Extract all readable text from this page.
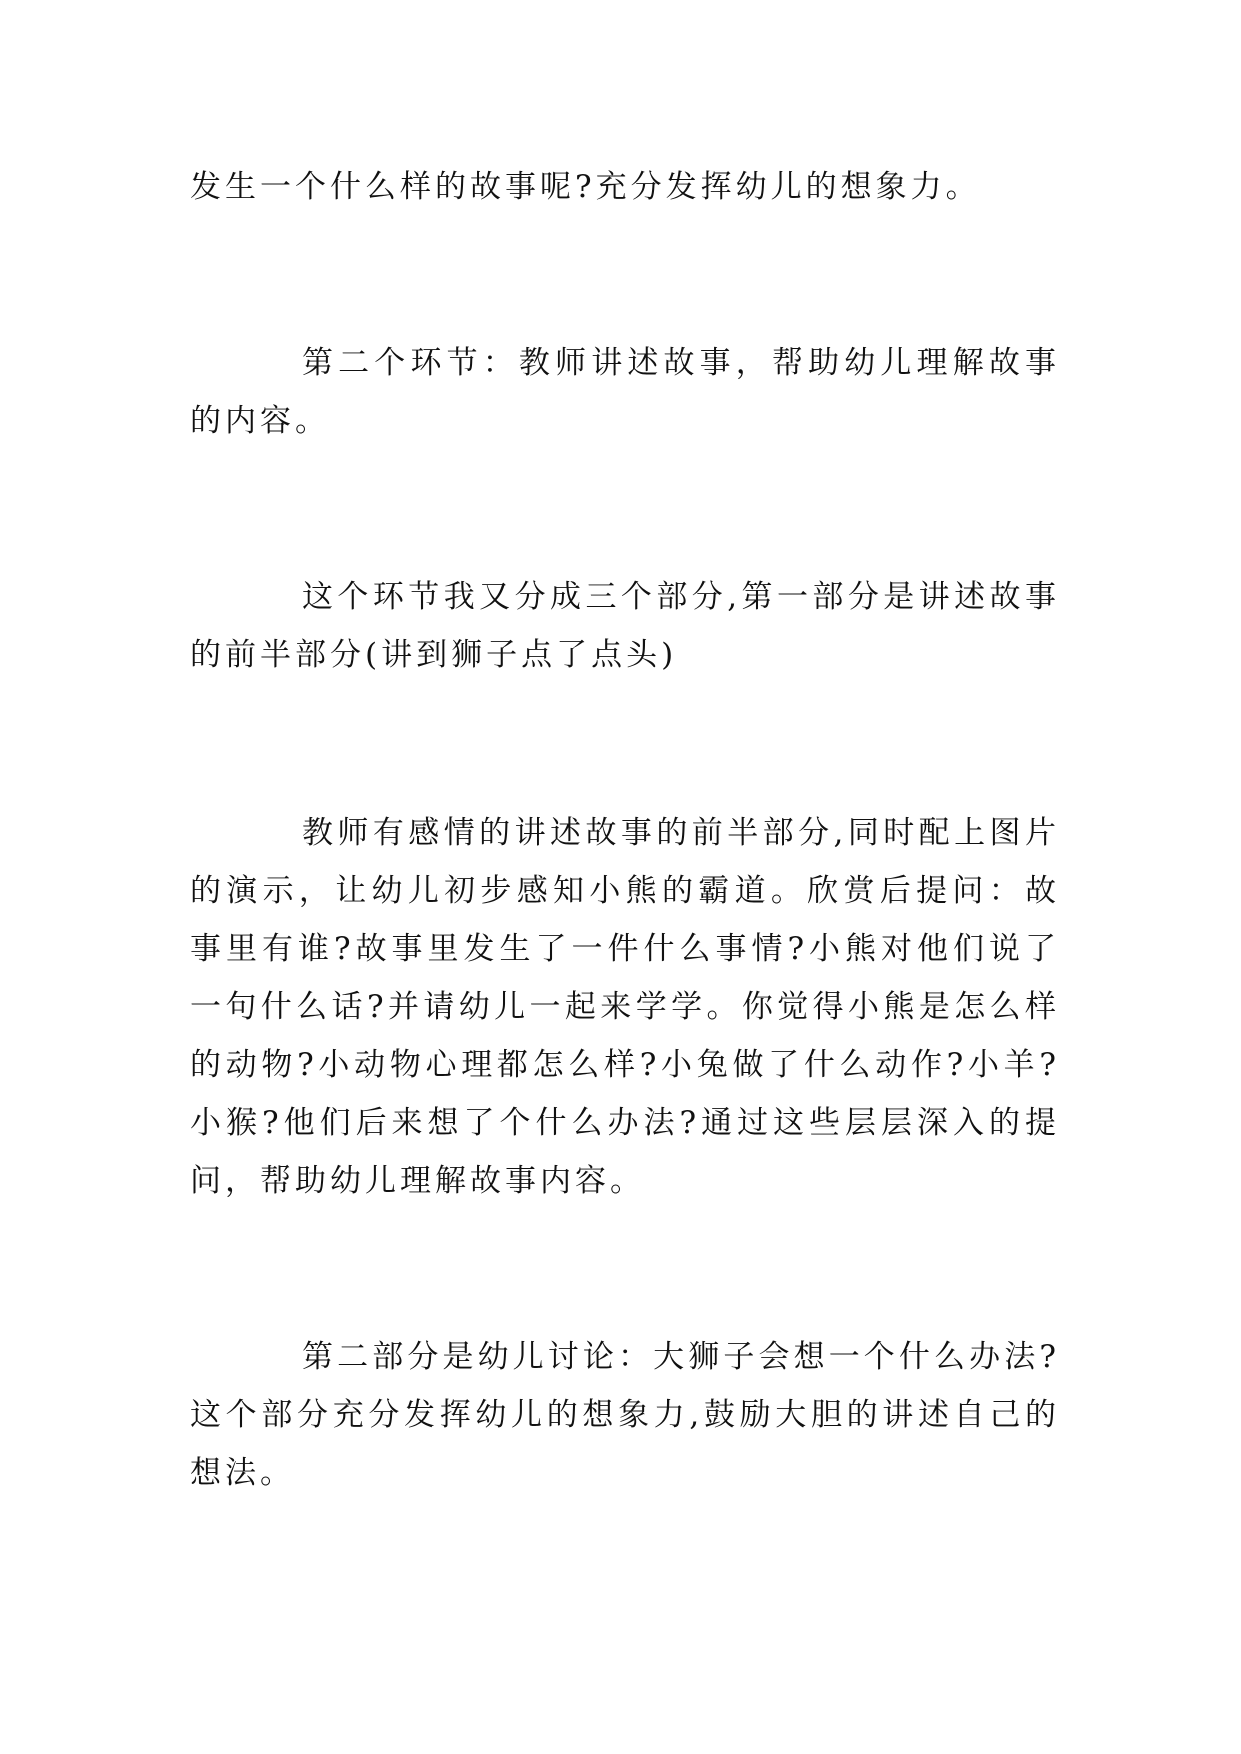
发生一个什么样的故事呢?充分发挥幼儿的想象力。

第二个环节：教师讲述故事，帮助幼儿理解故事的内容。

这个环节我又分成三个部分,第一部分是讲述故事的前半部分(讲到狮子点了点头)

教师有感情的讲述故事的前半部分,同时配上图片的演示，让幼儿初步感知小熊的霸道。欣赏后提问：故事里有谁?故事里发生了一件什么事情?小熊对他们说了一句什么话?并请幼儿一起来学学。你觉得小熊是怎么样的动物?小动物心理都怎么样?小兔做了什么动作?小羊?小猴?他们后来想了个什么办法?通过这些层层深入的提问，帮助幼儿理解故事内容。

第二部分是幼儿讨论：大狮子会想一个什么办法?这个部分充分发挥幼儿的想象力,鼓励大胆的讲述自己的想法。
